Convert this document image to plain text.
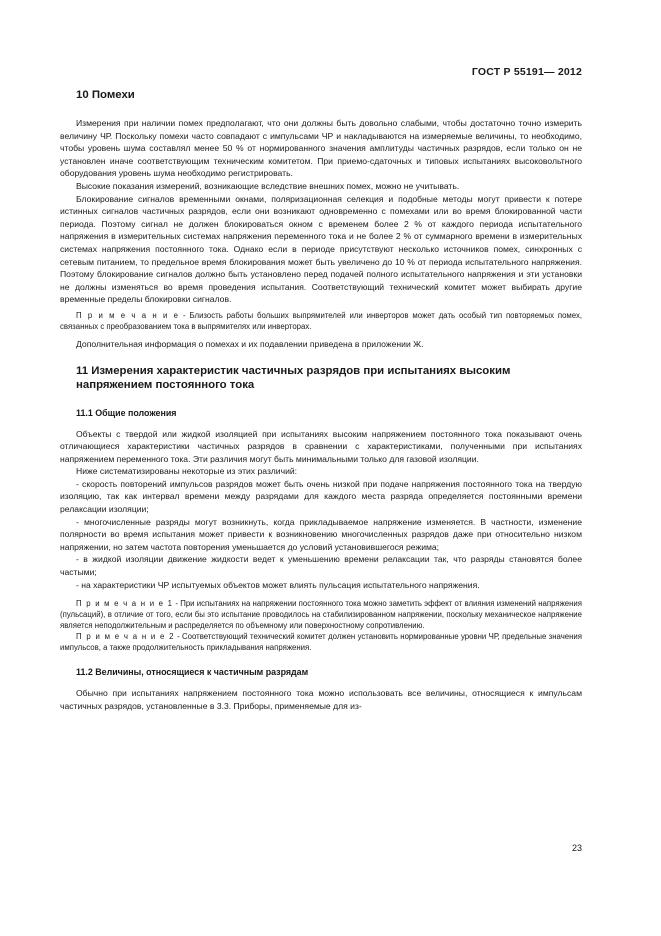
ГОСТ Р 55191— 2012
10 Помехи

Измерения при наличии помех предполагают, что они должны быть довольно слабыми, чтобы достаточно точно измерить величину ЧР. Поскольку помехи часто совпадают с импульсами ЧР и накладываются на измеряемые величины, то необходимо, чтобы уровень шума составлял менее 50 % от нормированного значения амплитуды частичных разрядов, если только он не установлен иначе соответствующим техническим комитетом. При приемо-сдаточных и типовых испытаниях высоковольтного оборудования уровень шума необходимо регистрировать.

Высокие показания измерений, возникающие вследствие внешних помех, можно не учитывать.

Блокирование сигналов временными окнами, поляризационная селекция и подобные методы могут привести к потере истинных сигналов частичных разрядов, если они возникают одновременно с помехами или во время блокированной части периода. Поэтому сигнал не должен блокироваться окном с временем более 2 % от каждого периода испытательного напряжения в измерительных системах напряжения переменного тока и не более 2 % от суммарного времени в измерительных системах напряжения постоянного тока. Однако если в периоде присутствуют несколько источников помех, синхронных с сетевым питанием, то предельное время блокирования может быть увеличено до 10 % от периода испытательного напряжения. Поэтому блокирование сигналов должно быть установлено перед подачей полного испытательного напряжения и эти установки не должны изменяться во время проведения испытания. Соответствующий технический комитет может выбирать другие временные пределы блокировки сигналов.

П р и м е ч а н и е - Близость работы больших выпрямителей или инверторов может дать особый тип повторяемых помех, связанных с преобразованием тока в выпрямителях или инверторах.

Дополнительная информация о помехах и их подавлении приведена в приложении Ж.

11 Измерения характеристик частичных разрядов при испытаниях высоким напряжением постоянного тока
11.1 Общие положения

Объекты с твердой или жидкой изоляцией при испытаниях высоким напряжением постоянного тока показывают очень отличающиеся характеристики частичных разрядов в сравнении с характеристиками, полученными при испытаниях напряжением переменного тока. Эти различия могут быть минимальными только для газовой изоляции.

Ниже систематизированы некоторые из этих различий:

- скорость повторений импульсов разрядов может быть очень низкой при подаче напряжения постоянного тока на твердую изоляцию, так как интервал времени между разрядами для каждого места разряда определяется постоянными времени релаксации изоляции;

- многочисленные разряды могут возникнуть, когда прикладываемое напряжение изменяется. В частности, изменение полярности во время испытания может привести к возникновению многочисленных разрядов даже при относительно низком напряжении, но затем частота повторения уменьшается до условий установившегося режима;

- в жидкой изоляции движение жидкости ведет к уменьшению времени релаксации так, что разряды становятся более частыми;

- на характеристики ЧР испытуемых объектов может влиять пульсация испытательного напряжения.

П р и м е ч а н и е 1 - При испытаниях на напряжении постоянного тока можно заметить эффект от влияния изменений напряжения (пульсаций), в отличие от того, если бы это испытание проводилось на стабилизированном напряжении, поскольку механическое напряжение является неподолжительным и распределяется по объемному или поверхностному сопротивлению.
П р и м е ч а н и е 2 - Соответствующий технический комитет должен установить нормированные уровни ЧР, предельные значения импульсов, а также продолжительность прикладывания напряжения.
11.2 Величины, относящиеся к частичным разрядам

Обычно при испытаниях напряжением постоянного тока можно использовать все величины, относящиеся к импульсам частичных разрядов, установленные в 3.3. Приборы, применяемые для из-

23
